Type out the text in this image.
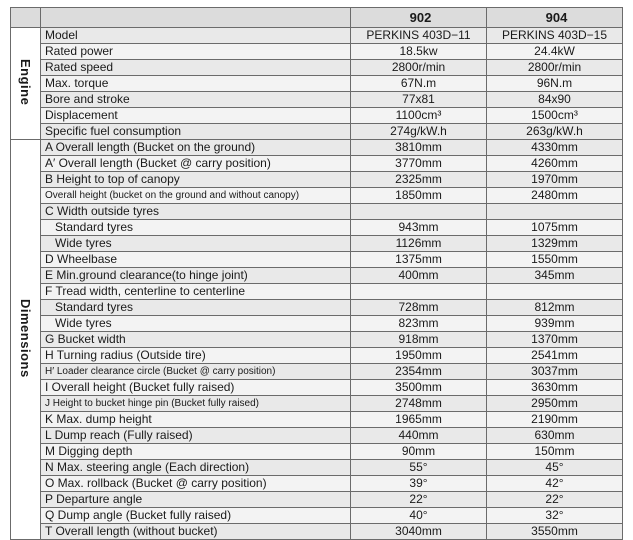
		902	904
Engine	Model	PERKINS 403D−11	PERKINS 403D−15
	Rated power	18.5kw	24.4kW
	Rated speed	2800r/min	2800r/min
	Max. torque	67N.m	96N.m
	Bore and stroke	77x81	84x90
	Displacement	1100cm³	1500cm³
	Specific fuel consumption	274g/kW.h	263g/kW.h
Dimensions	A Overall length (Bucket on the ground)	3810mm	4330mm
	A′ Overall length (Bucket @ carry position)	3770mm	4260mm
	B Height to top of canopy	2325mm	1970mm
	Overall height (bucket on the ground and without canopy)	1850mm	2480mm
	C Width outside tyres		
	Standard tyres	943mm	1075mm
	Wide tyres	1126mm	1329mm
	D Wheelbase	1375mm	1550mm
	E Min.ground clearance(to hinge joint)	400mm	345mm
	F Tread width, centerline to centerline		
	Standard tyres	728mm	812mm
	Wide tyres	823mm	939mm
	G Bucket width	918mm	1370mm
	H Turning radius (Outside tire)	1950mm	2541mm
	H′ Loader clearance circle (Bucket @ carry position)	2354mm	3037mm
	I Overall height (Bucket fully raised)	3500mm	3630mm
	J Height to bucket hinge pin (Bucket fully raised)	2748mm	2950mm
	K Max. dump height	1965mm	2190mm
	L Dump reach (Fully raised)	440mm	630mm
	M Digging depth	90mm	150mm
	N Max. steering angle (Each direction)	55°	45°
	O Max. rollback (Bucket @ carry position)	39°	42°
	P Departure angle	22°	22°
	Q Dump angle (Bucket fully raised)	40°	32°
	T Overall length (without bucket)	3040mm	3550mm
